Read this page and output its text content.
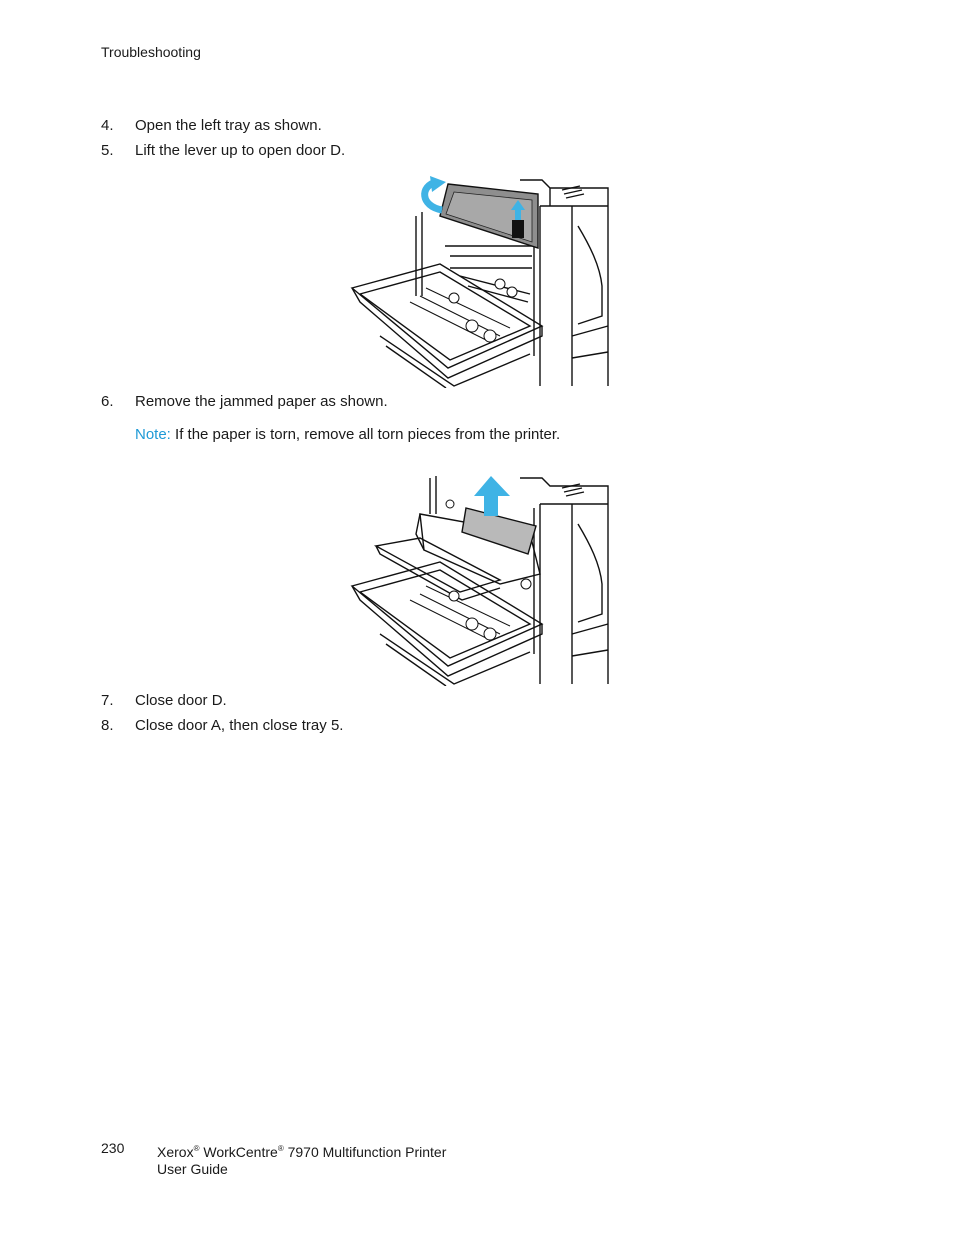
Troubleshooting
4. Open the left tray as shown.
5. Lift the lever up to open door D.
6. Remove the jammed paper as shown.
Note: If the paper is torn, remove all torn pieces from the printer.
7. Close door D.
8. Close door A, then close tray 5.
230 Xerox® WorkCentre® 7970 Multifunction Printer
User Guide
